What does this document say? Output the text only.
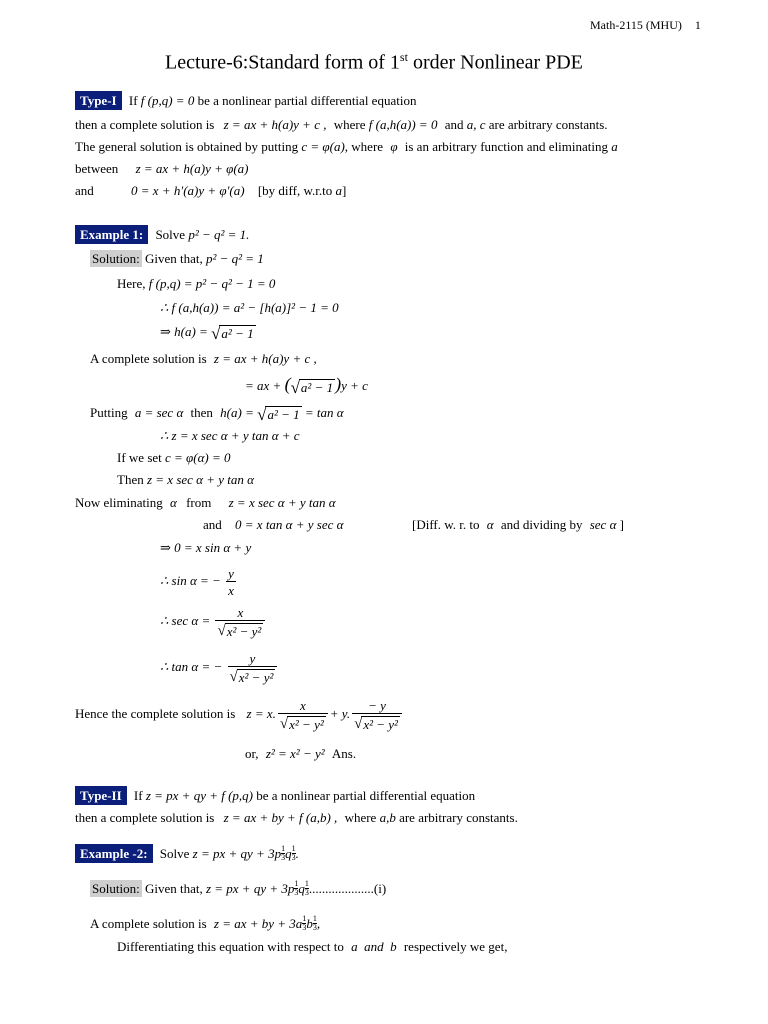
Math-2115 (MHU) 1
Lecture-6:Standard form of 1st order Nonlinear PDE
Type-I If f (p,q) = 0 be a nonlinear partial differential equation
then a complete solution is z = ax + h(a)y + c , where f (a,h(a)) = 0 and a, c are arbitrary constants.
The general solution is obtained by putting c = φ(a), where φ is an arbitrary function and eliminating a
between z = ax + h(a)y + φ(a)
and	0 = x + h′(a)y + φ′(a) [by diff, w.r.to a]
Example 1: Solve p² − q² = 1.
Solution: Given that, p² − q² = 1
Here, f (p,q) = p² − q² − 1 = 0
∴ f (a,h(a)) = a² − [h(a)]² − 1 = 0
⇒ h(a) = √ a² − 1
A complete solution is z = ax + h(a)y + c ,
= ax + ( √ a² − 1 )y + c
Putting a = sec α then h(a) = √ a² − 1 = tan α
∴ z = x sec α + y tan α + c
If we set c = φ(α) = 0
Then z = x sec α + y tan α
Now eliminating α from z = x sec α + y tan α
and 0 = x tan α + y sec α	[Diff. w. r. to α and dividing by sec α ]
⇒ 0 = x sin α + y
∴ sin α = − $\frac{y}{x}$
∴ $\sec \alpha = \frac{x}{\text{√ x² − y²}}$
∴ tan α = − $\frac{y}{\text{√ x² − y²}}$
Hence the complete solution is z = x. $\frac{x}{\text{√ x² − y²}} + y$. $\frac{- y}{\text{√ x² − y²}}$
or, z² = x² − y² Ans.
Type-II If z = px + qy + f (p,q) be a nonlinear partial differential equation
then a complete solution is z = ax + by + f (a,b) , where a,b are arbitrary constants.
Example -2: Solve z = px + qy + $3p \frac{1}{3}$ q $\frac{1}{3}$ .
Solution: Given that, z = px + qy + $3p \frac{1}{3}$ q $\frac{1}{3} ....................(i)$
A complete solution is z = ax + by + $3a \frac{1}{3}$ b $\frac{1}{3}$ ,
Differentiating this equation with respect to a  and  b respectively we get,
